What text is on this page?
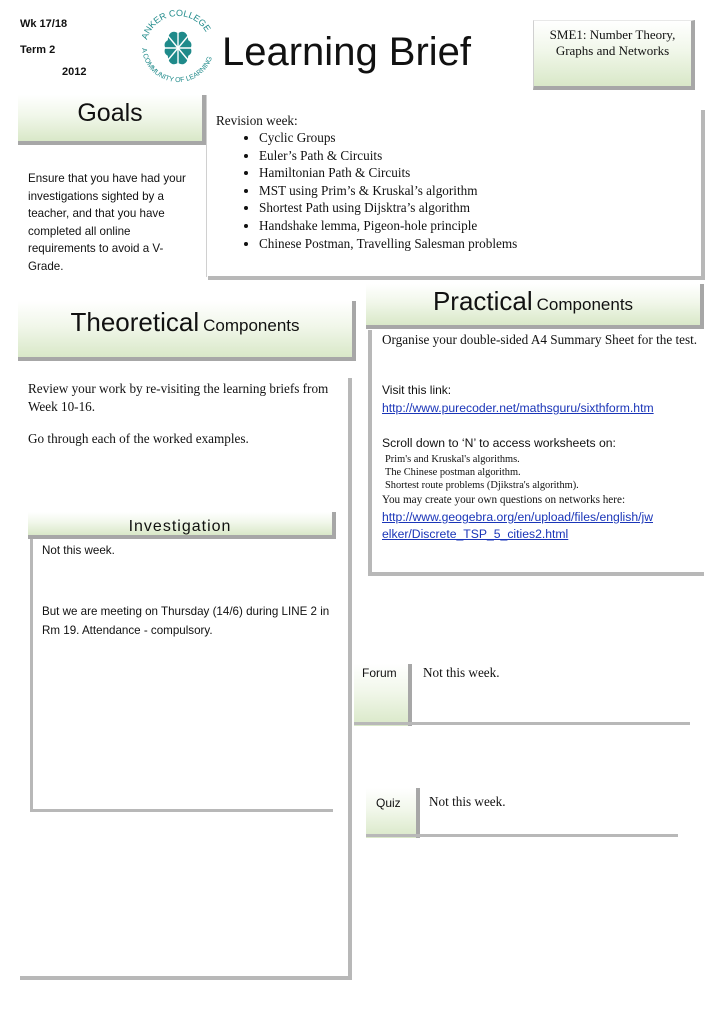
Wk 17/18
Term 2
2012
ANKER COLLEGE
A COMMUNITY OF LEARNING Learning Brief	SME1: Number Theory, Graphs and Networks
Goals
Ensure that you have had your investigations sighted by a teacher, and that you have completed all online requirements to avoid a V-Grade.
Revision week:
• Cyclic Groups
• Euler’s Path & Circuits
• Hamiltonian Path & Circuits
• MST using Prim’s & Kruskal’s algorithm
• Shortest Path using Dijsktra’s algorithm
• Handshake lemma, Pigeon-hole principle
• Chinese Postman, Travelling Salesman problems
Theoretical Components
Review your work by re-visiting the learning briefs from Week 10-16.
Go through each of the worked examples.
Investigation
Not this week.
But we are meeting on Thursday (14/6) during LINE 2 in Rm 19. Attendance - compulsory.
Practical Components
Organise your double-sided A4 Summary Sheet for the test.
Visit this link:
http://www.purecoder.net/mathsguru/sixthform.htm
Scroll down to ‘N’ to access worksheets on:
Prim's and Kruskal's algorithms.
The Chinese postman algorithm.
Shortest route problems (Djikstra's algorithm).
You may create your own questions on networks here:
http://www.geogebra.org/en/upload/files/english/jw
elker/Discrete_TSP_5_cities2.html
Forum Not this week.
Quiz Not this week.
